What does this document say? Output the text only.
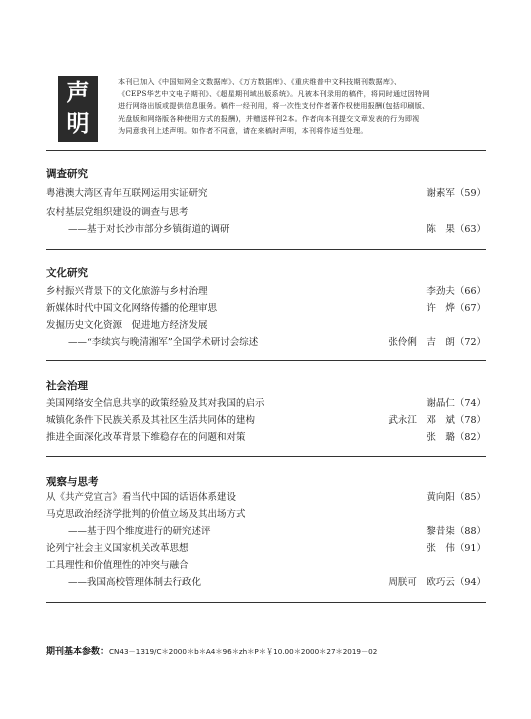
声
明
本刊已加入《中国知网全文数据库》、《万方数据库》、《重庆维普中文科技期刊数据库》、
《CEPS华艺中文电子期刊》、《超星期刊域出版系统》。凡被本刊录用的稿件，将同时通过因特网
进行网络出版或提供信息服务。稿件一经刊用，将一次性支付作者著作权使用报酬(包括印刷版、
光盘版和网络版各种使用方式的报酬)，并赠送样刊2本。作者向本刊提交文章发表的行为即视
为同意我刊上述声明。如作者不同意，请在来稿时声明，本刊将作适当处理。
调查研究
粤港澳大湾区青年互联网运用实证研究	谢素军（59）
农村基层党组织建设的调查与思考
——基于对长沙市部分乡镇街道的调研	陈　果（63）
文化研究
乡村振兴背景下的文化旅游与乡村治理	李劲夫（66）
新媒体时代中国文化网络传播的伦理审思	许　烨（67）
发掘历史文化资源　促进地方经济发展
——“李续宾与晚清湘军”全国学术研讨会综述	张伶俐　吉　朗（72）
社会治理
美国网络安全信息共享的政策经验及其对我国的启示	谢晶仁（74）
城镇化条件下民族关系及其社区生活共同体的建构	武永江　邓　斌（78）
推进全面深化改革背景下维稳存在的问题和对策	张　璐（82）
观察与思考
从《共产党宣言》看当代中国的话语体系建设	黄向阳（85）
马克思政治经济学批判的价值立场及其出场方式
——基于四个维度进行的研究述评	黎昔柒（88）
论列宁社会主义国家机关改革思想	张　伟（91）
工具理性和价值理性的冲突与融合
——我国高校管理体制去行政化	周朕可　欧巧云（94）
期刊基本参数：CN43－1319/C＊2000＊b＊A4＊96＊zh＊P＊￥10.00＊2000＊27＊2019－02
